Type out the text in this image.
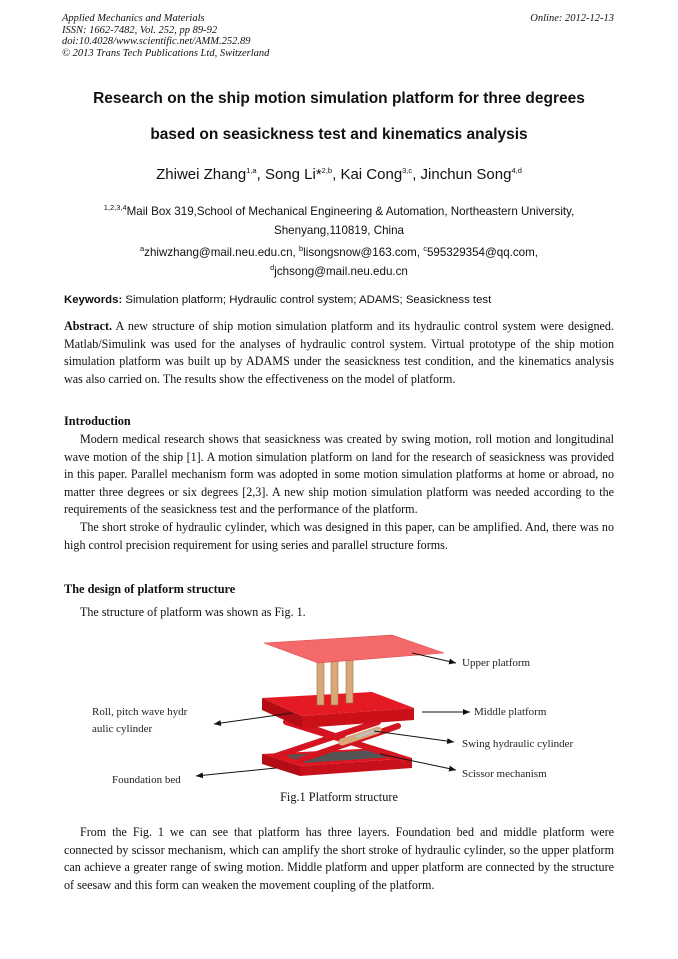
Applied Mechanics and Materials
ISSN: 1662-7482, Vol. 252, pp 89-92
doi:10.4028/www.scientific.net/AMM.252.89
© 2013 Trans Tech Publications Ltd, Switzerland
Online: 2012-12-13
Research on the ship motion simulation platform for three degrees
based on seasickness test and kinematics analysis
Zhiwei Zhang$^{1,a}$, Song Li*$^{2,b}$, Kai Cong$^{3,c}$, Jinchun Song$^{4,d}$
$^{1,2,3,4}$Mail Box 319,School of Mechanical Engineering & Automation, Northeastern University,
Shenyang,110819, China
$^a$zhiwzhang@mail.neu.edu.cn, $^b$lisongsnow@163.com, $^c$595329354@qq.com,
$^d$jchsong@mail.neu.edu.cn
Keywords: Simulation platform; Hydraulic control system; ADAMS; Seasickness test

Abstract. A new structure of ship motion simulation platform and its hydraulic control system were designed. Matlab/Simulink was used for the analyses of hydraulic control system. Virtual prototype of the ship motion simulation platform was built up by ADAMS under the seasickness test condition, and the kinematics analysis was also carried on. The results show the effectiveness on the model of platform.

Introduction

Modern medical research shows that seasickness was created by swing motion, roll motion and longitudinal wave motion of the ship [1]. A motion simulation platform on land for the research of seasickness was provided in this paper. Parallel mechanism form was adopted in some motion simulation platforms at home or abroad, no matter three degrees or six degrees [2,3]. A new ship motion simulation platform was needed according to the requirements of the seasickness test and the performance of the platform.

The short stroke of hydraulic cylinder, which was designed in this paper, can be amplified. And, there was no high control precision requirement for using series and parallel structure forms.

The design of platform structure

The structure of platform was shown as Fig. 1.

Upper platform
Middle platform
Swing hydraulic cylinder
Scissor mechanism
Roll, pitch wave hydr
aulic cylinder
Foundation bed
Fig.1 Platform structure

From the Fig. 1 we can see that platform has three layers. Foundation bed and middle platform were connected by scissor mechanism, which can amplify the short stroke of hydraulic cylinder, so the upper platform can achieve a greater range of swing motion. Middle platform and upper platform are connected by the structure of seesaw and this form can weaken the movement coupling of the platform.
